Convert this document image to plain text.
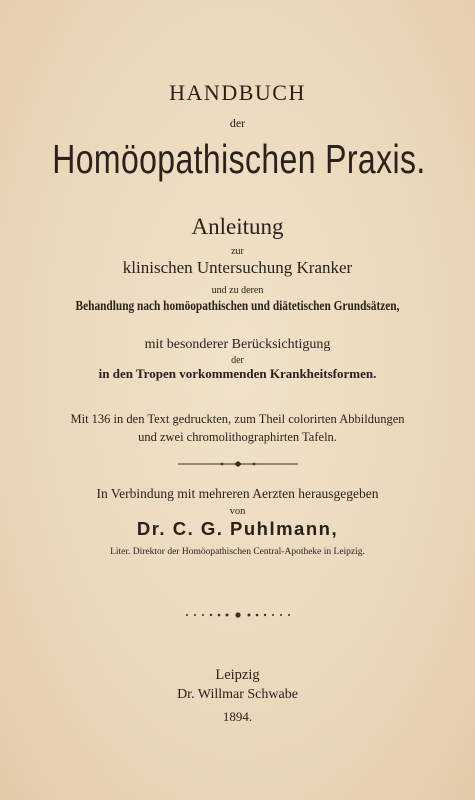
HANDBUCH
der
Homöopathischen Praxis.
Anleitung
zur
klinischen Untersuchung Kranker
und zu deren
Behandlung nach homöopathischen und diätetischen Grundsätzen,
mit besonderer Berücksichtigung
der
in den Tropen vorkommenden Krankheitsformen.
Mit 136 in den Text gedruckten, zum Theil colorirten Abbildungen
und zwei chromolithographirten Tafeln.
In Verbindung mit mehreren Aerzten herausgegeben
von
Dr. C. G. Puhlmann,
Liter. Direktor der Homöopathischen Central-Apotheke in Leipzig.
Leipzig
Dr. Willmar Schwabe
1894.
